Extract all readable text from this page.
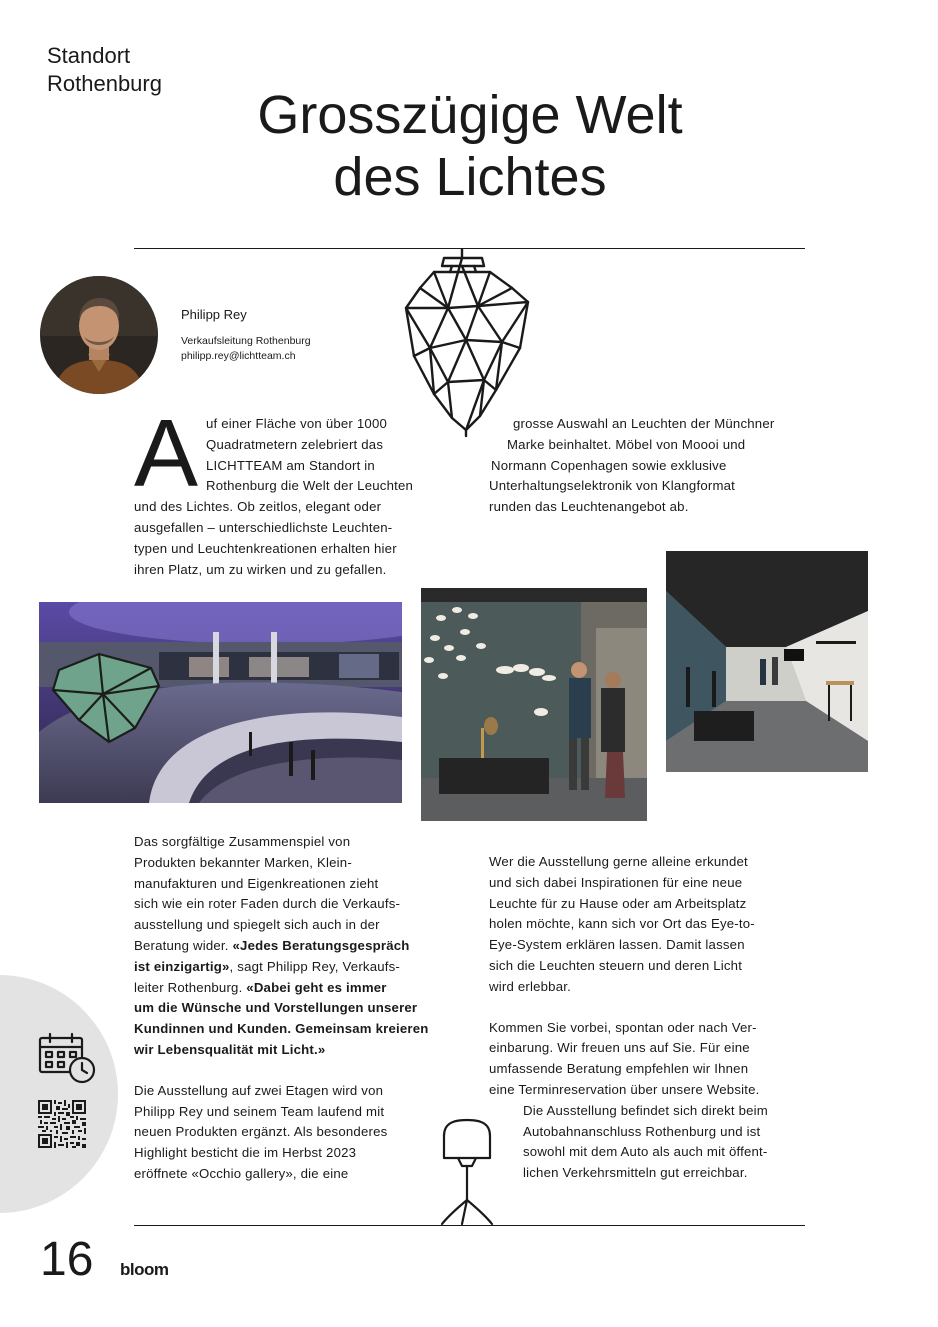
Standort
Rothenburg
Grosszügige Welt
des Lichtes
Philipp Rey
Verkaufsleitung Rothenburg
philipp.rey@lichtteam.ch
A uf einer Fläche von über 1000
Quadratmetern zelebriert das
LICHTTEAM am Standort in
Rothenburg die Welt der Leuchten
und des Lichtes. Ob zeitlos, elegant oder
ausgefallen – unterschiedlichste Leuchten-
typen und Leuchtenkreationen erhalten hier
ihren Platz, um zu wirken und zu gefallen.
grosse Auswahl an Leuchten der Münchner
Marke beinhaltet. Möbel von Moooi und
Normann Copenhagen sowie exklusive
Unterhaltungselektronik von Klangformat
runden das Leuchtenangebot ab.

Das sorgfältige Zusammenspiel von
Produkten bekannter Marken, Klein-
manufakturen und Eigenkreationen zieht
sich wie ein roter Faden durch die Verkaufs-
ausstellung und spiegelt sich auch in der
Beratung wider. «Jedes Beratungsgespräch
ist einzigartig», sagt Philipp Rey, Verkaufs-
leiter Rothenburg. «Dabei geht es immer
um die Wünsche und Vorstellungen unserer
Kundinnen und Kunden. Gemeinsam kreieren
wir Lebensqualität mit Licht.»

Die Ausstellung auf zwei Etagen wird von
Philipp Rey und seinem Team laufend mit
neuen Produkten ergänzt. Als besonderes
Highlight besticht die im Herbst 2023
eröffnete «Occhio gallery», die eine

Wer die Ausstellung gerne alleine erkundet
und sich dabei Inspirationen für eine neue
Leuchte für zu Hause oder am Arbeitsplatz
holen möchte, kann sich vor Ort das Eye-to-
Eye-System erklären lassen. Damit lassen
sich die Leuchten steuern und deren Licht
wird erlebbar.

Kommen Sie vorbei, spontan oder nach Ver-
einbarung. Wir freuen uns auf Sie. Für eine
umfassende Beratung empfehlen wir Ihnen
eine Terminreservation über unsere Website.

Die Ausstellung befindet sich direkt beim
Autobahnanschluss Rothenburg und ist
sowohl mit dem Auto als auch mit öffent-
lichen Verkehrsmitteln gut erreichbar.

16 bloom
